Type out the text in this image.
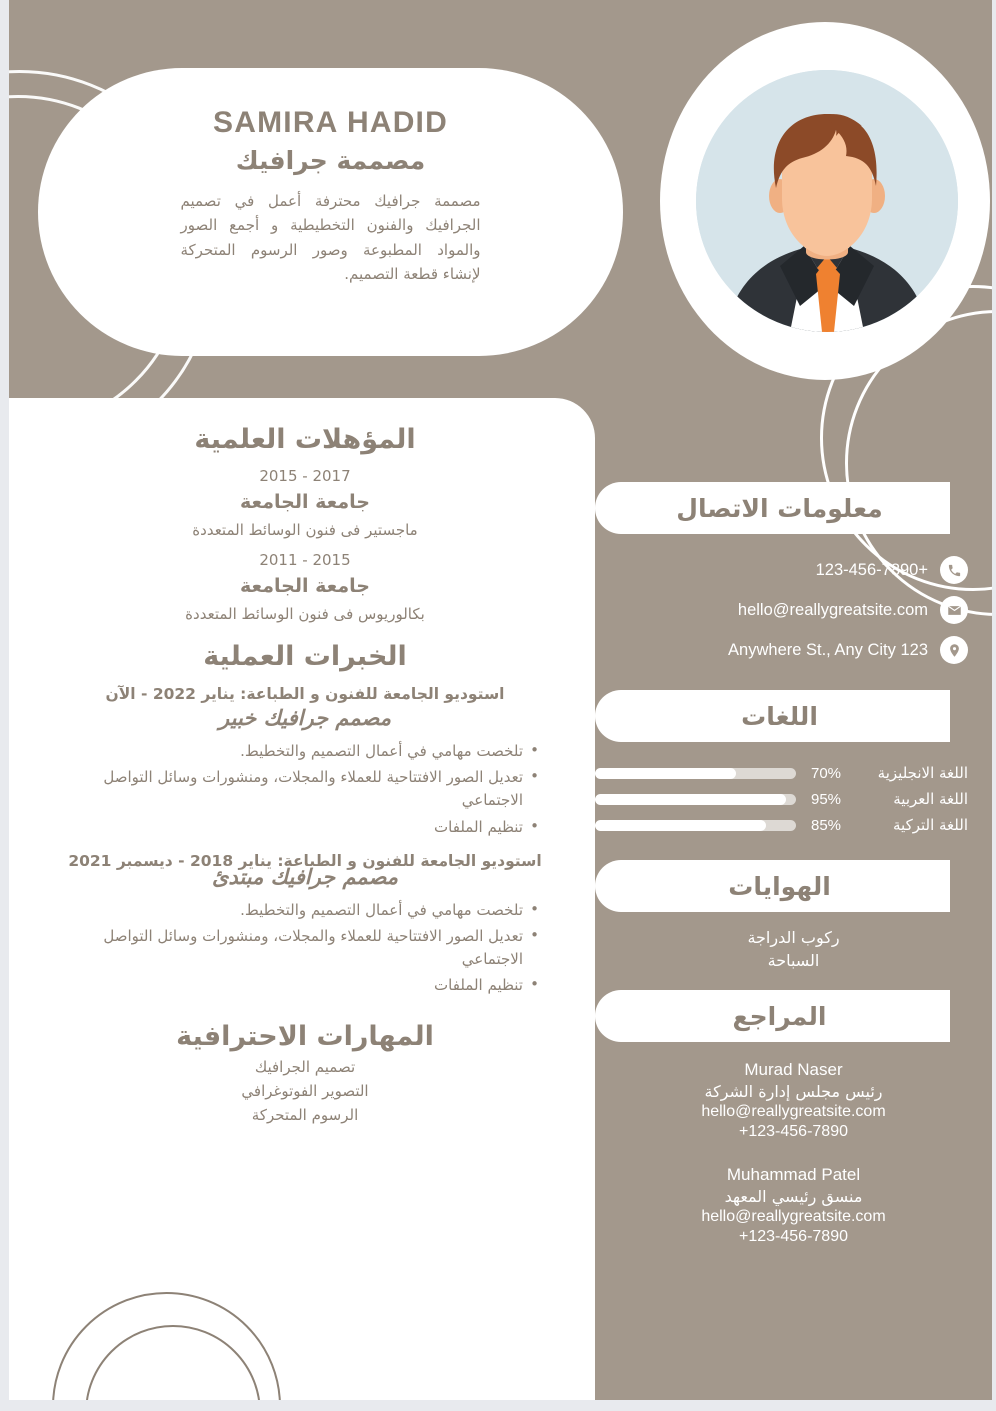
SAMIRA HADID
مصممة جرافيك
مصممة جرافيك محترفة أعمل في تصميم الجرافيك والفنون التخطيطية و أجمع الصور والمواد المطبوعة وصور الرسوم المتحركة لإنشاء قطعة التصميم.
المؤهلات العلمية

2017 - 2015

جامعة الجامعة

ماجستير فى فنون الوسائط المتعددة

2015 - 2011

جامعة الجامعة

بكالوريوس فى فنون الوسائط المتعددة

الخبرات العملية

استوديو الجامعة للفنون و الطباعة: يناير 2022 - الآن

مصمم جرافيك خبير

• تلخصت مهامي في أعمال التصميم والتخطيط.
• تعديل الصور الافتتاحية للعملاء والمجلات، ومنشورات وسائل التواصل الاجتماعي
• تنظيم الملفات

استوديو الجامعة للفنون و الطباعة: يناير 2018 - ديسمبر 2021

مصمم جرافيك مبتدئ

• تلخصت مهامي في أعمال التصميم والتخطيط.
• تعديل الصور الافتتاحية للعملاء والمجلات، ومنشورات وسائل التواصل الاجتماعي
• تنظيم الملفات
المهارات الاحترافية

تصميم الجرافيك

التصوير الفوتوغرافي

الرسوم المتحركة

معلومات الاتصال
+123-456-7890
hello@reallygreatsite.com
123 Anywhere St., Any City
اللغات
اللغة الانجليزية
70%
اللغة العربية
95%
اللغة التركية
85%
الهوايات

ركوب الدراجة

السباحة

المراجع

Murad Naser

رئيس مجلس إدارة الشركة

hello@reallygreatsite.com

+123-456-7890

Muhammad Patel

منسق رئيسي المعهد

hello@reallygreatsite.com

+123-456-7890
